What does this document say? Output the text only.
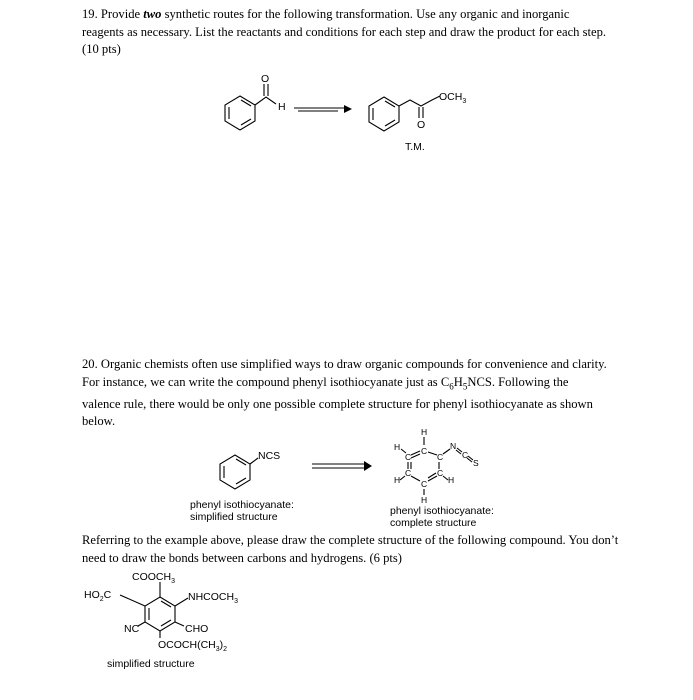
19. Provide two synthetic routes for the following transformation. Use any organic and inorganic reagents as necessary. List the reactants and conditions for each step and draw the product for each step. (10 pts)

20. Organic chemists often use simplified ways to draw organic compounds for convenience and clarity. For instance, we can write the compound phenyl isothiocyanate just as $C_6H_5NCS$. Following the valence rule, there would be only one possible complete structure for phenyl isothiocyanate as shown below.

Referring to the example above, please draw the complete structure of the following compound. You don’t need to draw the bonds between carbons and hydrogens. (6 pts)

O
H
O
$OCH_3$
T.M.
NCS
phenyl isothiocyanate:
simplified structure
H
C
H
C	C
N
C
S
C
H
C
H
C
H
phenyl isothiocyanate:
complete structure
$COOCH_3$
$HO_2C$	$NHCOCH_3$
NC	CHO
$OCOCH(CH_3)_2$
simplified structure
